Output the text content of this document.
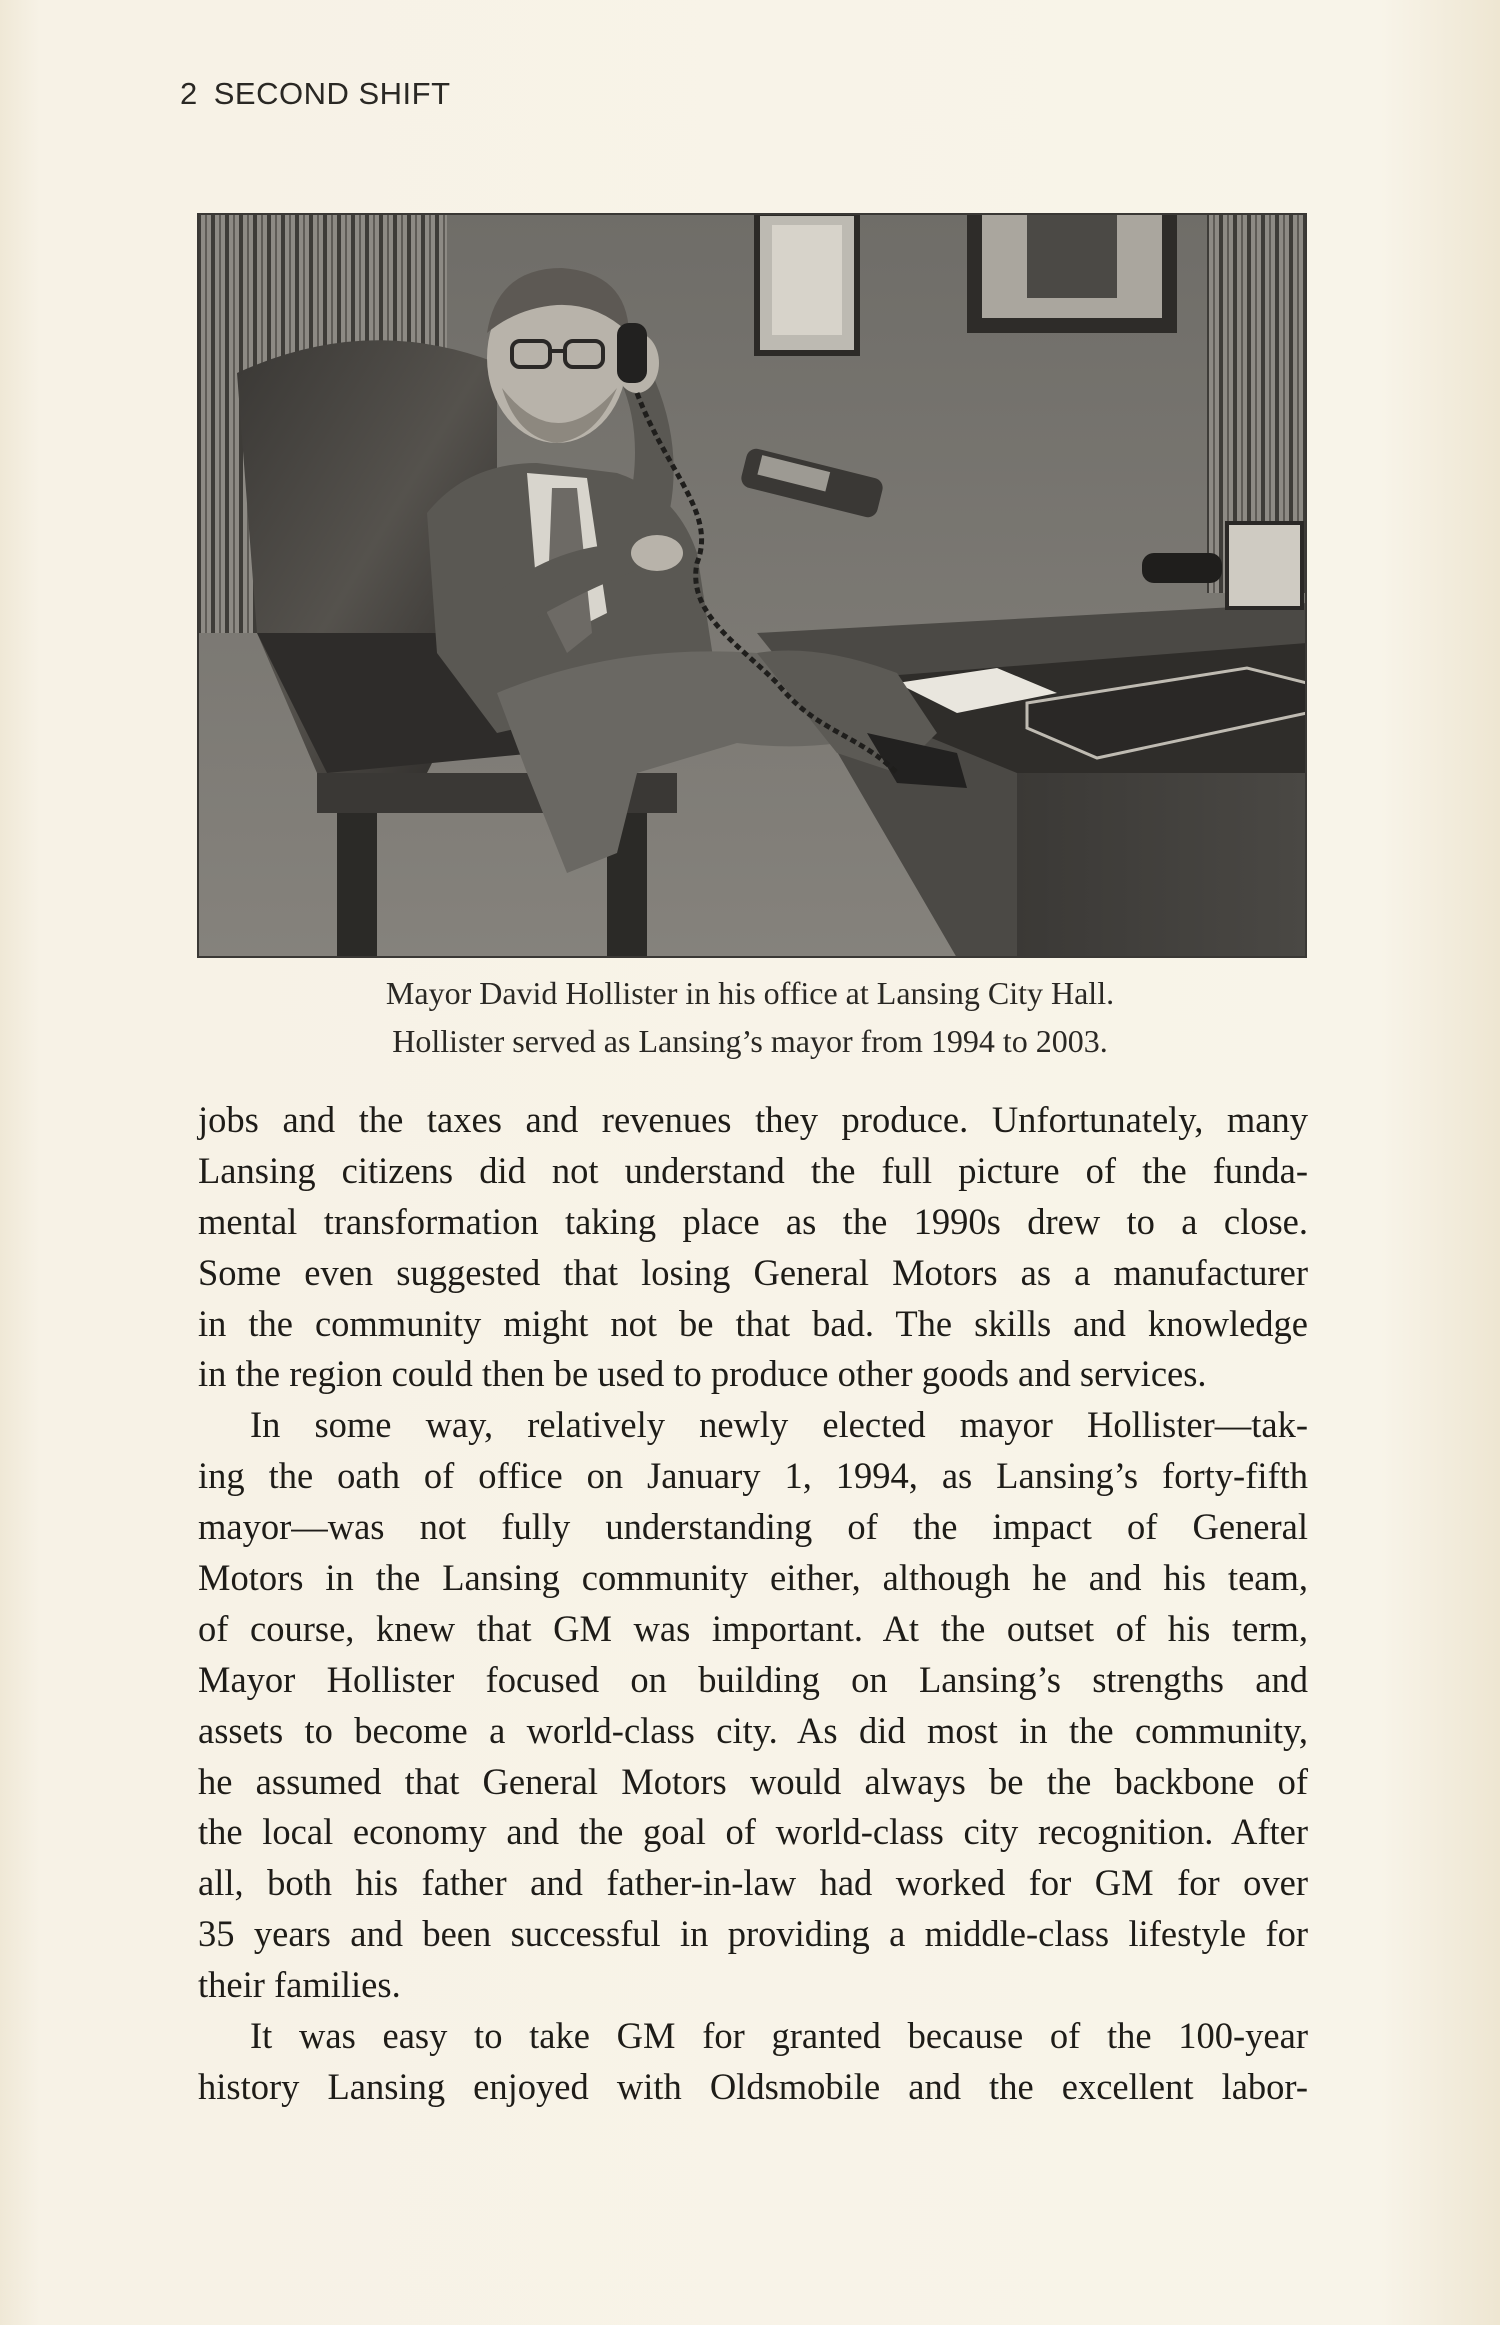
2 SECOND SHIFT
Mayor David Hollister in his office at Lansing City Hall.
Hollister served as Lansing’s mayor from 1994 to 2003.
jobs and the taxes and revenues they produce. Unfortunately, many
Lansing citizens did not understand the full picture of the funda-
mental transformation taking place as the 1990s drew to a close.
Some even suggested that losing General Motors as a manufacturer
in the community might not be that bad. The skills and knowledge
in the region could then be used to produce other goods and services.
In some way, relatively newly elected mayor Hollister—tak-
ing the oath of office on January 1, 1994, as Lansing’s forty-fifth
mayor—was not fully understanding of the impact of General
Motors in the Lansing community either, although he and his team,
of course, knew that GM was important. At the outset of his term,
Mayor Hollister focused on building on Lansing’s strengths and
assets to become a world-class city. As did most in the community,
he assumed that General Motors would always be the backbone of
the local economy and the goal of world-class city recognition. After
all, both his father and father-in-law had worked for GM for over
35 years and been successful in providing a middle-class lifestyle for
their families.
It was easy to take GM for granted because of the 100-year
history Lansing enjoyed with Oldsmobile and the excellent labor-
